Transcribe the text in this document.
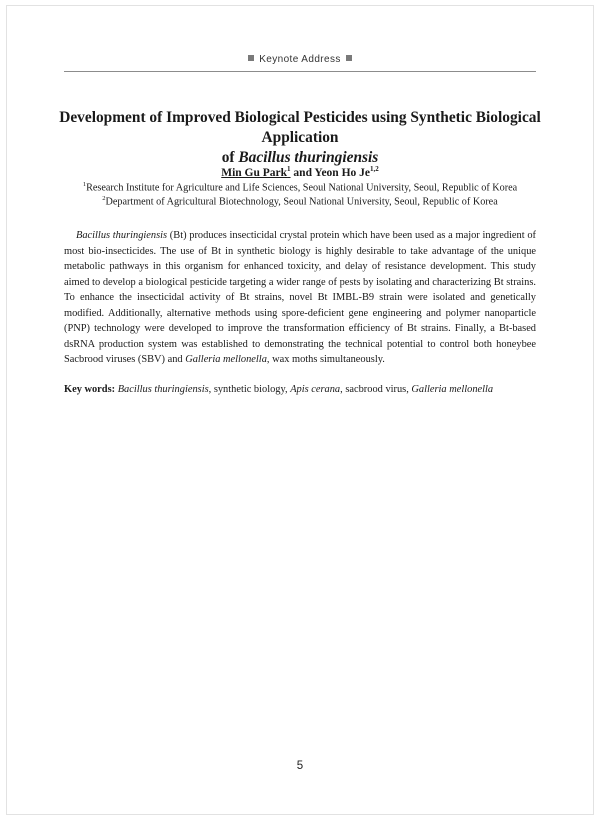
Keynote Address
Development of Improved Biological Pesticides using Synthetic Biological Application
of Bacillus thuringiensis
Min Gu Park$^1$ and Yeon Ho Je$^{1,2}$
$^1$Research Institute for Agriculture and Life Sciences, Seoul National University, Seoul, Republic of Korea
$^2$Department of Agricultural Biotechnology, Seoul National University, Seoul, Republic of Korea

Bacillus thuringiensis (Bt) produces insecticidal crystal protein which have been used as a major ingredient of most bio-insecticides. The use of Bt in synthetic biology is highly desirable to take advantage of the unique metabolic pathways in this organism for enhanced toxicity, and delay of resistance development. This study aimed to develop a biological pesticide targeting a wider range of pests by isolating and characterizing Bt strains. To enhance the insecticidal activity of Bt strains, novel Bt IMBL-B9 strain were isolated and genetically modified. Additionally, alternative methods using spore-deficient gene engineering and polymer nanoparticle (PNP) technology were developed to improve the transformation efficiency of Bt strains. Finally, a Bt-based dsRNA production system was established to demonstrating the technical potential to control both honeybee Sacbrood viruses (SBV) and Galleria mellonella, wax moths simultaneously.

Key words: Bacillus thuringiensis, synthetic biology, Apis cerana, sacbrood virus, Galleria mellonella
5
